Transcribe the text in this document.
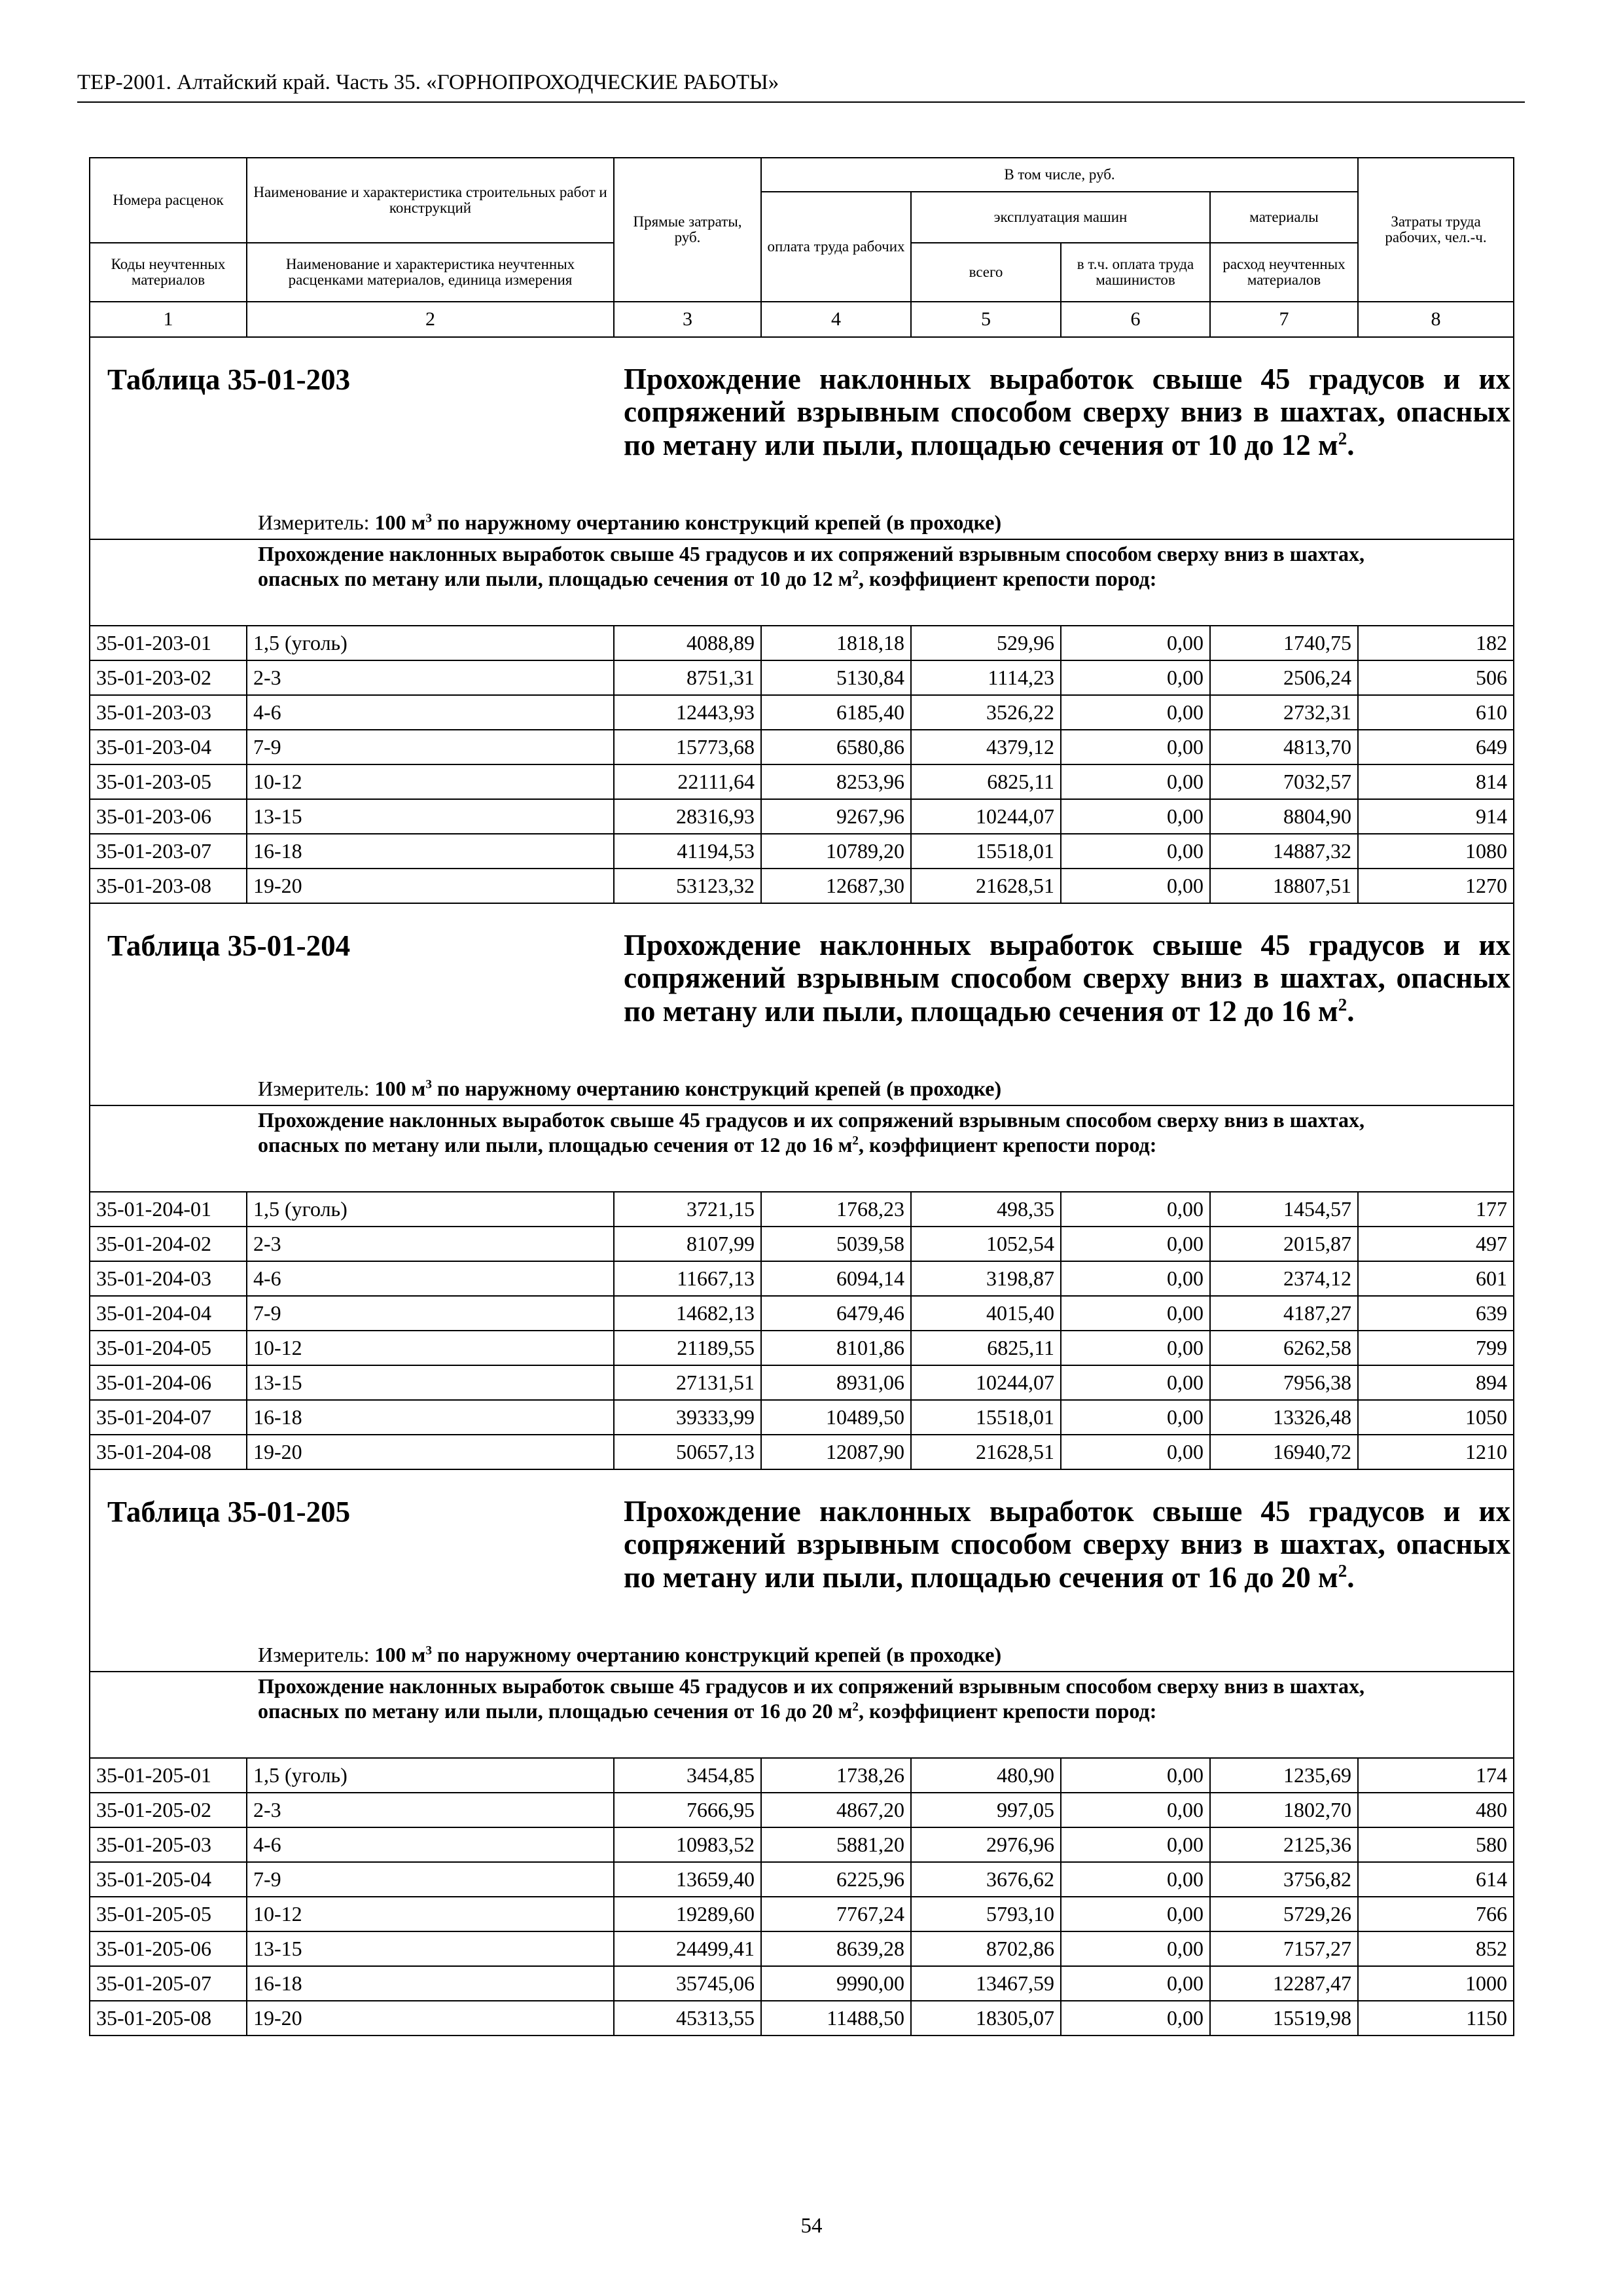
ТЕР-2001. Алтайский край. Часть 35. «ГОРНОПРОХОДЧЕСКИЕ РАБОТЫ»
Номера расценок	Наименование и характеристика строительных работ и конструкций	Прямые затраты, руб.	В том числе, руб.				Затраты труда рабочих, чел.-ч.
			оплата труда рабочих	эксплуатация машин		материалы	
Коды неучтенных материалов	Наименование и характеристика неучтенных расценками материалов, единица измерения			всего	в т.ч. оплата труда машинистов	расход неучтенных материалов	
1	2	3	4	5	6	7	8

Таблица 35-01-203 Прохождение наклонных выработок свыше 45 градусов и их сопряжений взрывным способом сверху вниз в шахтах, опасных по метану или пыли, площадью сечения от 10 до 12 $м^2$.
Измеритель: 100 $м^3$ по наружному очертанию конструкций крепей (в проходке)							

Прохождение наклонных выработок свыше 45 градусов и их сопряжений взрывным способом сверху вниз в шахтах, опасных по метану или пыли, площадью сечения от 10 до 12 $м^2$, коэффициент крепости пород:							

35-01-203-01	1,5 (уголь)	4088,89	1818,18	529,96	0,00	1740,75	182
35-01-203-02	2-3	8751,31	5130,84	1114,23	0,00	2506,24	506
35-01-203-03	4-6	12443,93	6185,40	3526,22	0,00	2732,31	610
35-01-203-04	7-9	15773,68	6580,86	4379,12	0,00	4813,70	649
35-01-203-05	10-12	22111,64	8253,96	6825,11	0,00	7032,57	814
35-01-203-06	13-15	28316,93	9267,96	10244,07	0,00	8804,90	914
35-01-203-07	16-18	41194,53	10789,20	15518,01	0,00	14887,32	1080
35-01-203-08	19-20	53123,32	12687,30	21628,51	0,00	18807,51	1270

Таблица 35-01-204 Прохождение наклонных выработок свыше 45 градусов и их сопряжений взрывным способом сверху вниз в шахтах, опасных по метану или пыли, площадью сечения от 12 до 16 $м^2$.
Измеритель: 100 $м^3$ по наружному очертанию конструкций крепей (в проходке)							

Прохождение наклонных выработок свыше 45 градусов и их сопряжений взрывным способом сверху вниз в шахтах, опасных по метану или пыли, площадью сечения от 12 до 16 $м^2$, коэффициент крепости пород:							

35-01-204-01	1,5 (уголь)	3721,15	1768,23	498,35	0,00	1454,57	177
35-01-204-02	2-3	8107,99	5039,58	1052,54	0,00	2015,87	497
35-01-204-03	4-6	11667,13	6094,14	3198,87	0,00	2374,12	601
35-01-204-04	7-9	14682,13	6479,46	4015,40	0,00	4187,27	639
35-01-204-05	10-12	21189,55	8101,86	6825,11	0,00	6262,58	799
35-01-204-06	13-15	27131,51	8931,06	10244,07	0,00	7956,38	894
35-01-204-07	16-18	39333,99	10489,50	15518,01	0,00	13326,48	1050
35-01-204-08	19-20	50657,13	12087,90	21628,51	0,00	16940,72	1210

Таблица 35-01-205 Прохождение наклонных выработок свыше 45 градусов и их сопряжений взрывным способом сверху вниз в шахтах, опасных по метану или пыли, площадью сечения от 16 до 20 $м^2$.
Измеритель: 100 $м^3$ по наружному очертанию конструкций крепей (в проходке)							

Прохождение наклонных выработок свыше 45 градусов и их сопряжений взрывным способом сверху вниз в шахтах, опасных по метану или пыли, площадью сечения от 16 до 20 $м^2$, коэффициент крепости пород:							

35-01-205-01	1,5 (уголь)	3454,85	1738,26	480,90	0,00	1235,69	174
35-01-205-02	2-3	7666,95	4867,20	997,05	0,00	1802,70	480
35-01-205-03	4-6	10983,52	5881,20	2976,96	0,00	2125,36	580
35-01-205-04	7-9	13659,40	6225,96	3676,62	0,00	3756,82	614
35-01-205-05	10-12	19289,60	7767,24	5793,10	0,00	5729,26	766
35-01-205-06	13-15	24499,41	8639,28	8702,86	0,00	7157,27	852
35-01-205-07	16-18	35745,06	9990,00	13467,59	0,00	12287,47	1000
35-01-205-08	19-20	45313,55	11488,50	18305,07	0,00	15519,98	1150
54
